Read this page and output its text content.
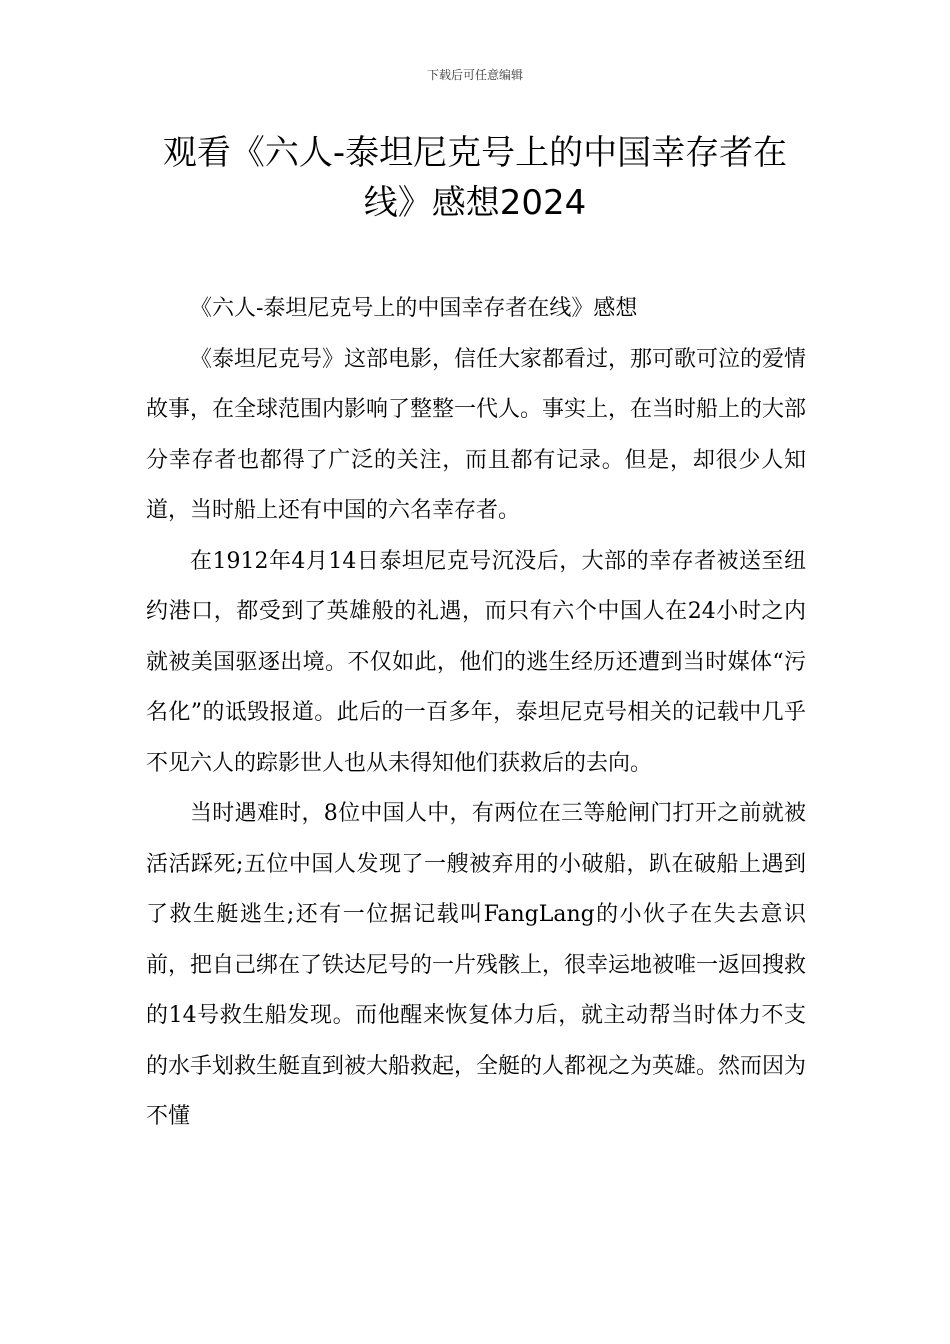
下载后可任意编辑
观看《六人-泰坦尼克号上的中国幸存者在线》感想2024

《六人-泰坦尼克号上的中国幸存者在线》感想

《泰坦尼克号》这部电影，信任大家都看过，那可歌可泣的爱情故事，在全球范围内影响了整整一代人。事实上，在当时船上的大部分幸存者也都得了广泛的关注，而且都有记录。但是，却很少人知道，当时船上还有中国的六名幸存者。

在1912年4月14日泰坦尼克号沉没后，大部的幸存者被送至纽约港口，都受到了英雄般的礼遇，而只有六个中国人在24小时之内就被美国驱逐出境。不仅如此，他们的逃生经历还遭到当时媒体“污名化”的诋毁报道。此后的一百多年，泰坦尼克号相关的记载中几乎不见六人的踪影世人也从未得知他们获救后的去向。

当时遇难时，8位中国人中，有两位在三等舱闸门打开之前就被活活踩死;五位中国人发现了一艘被弃用的小破船，趴在破船上遇到了救生艇逃生;还有一位据记载叫FangLang的小伙子在失去意识前，把自己绑在了铁达尼号的一片残骸上，很幸运地被唯一返回搜救的14号救生船发现。而他醒来恢复体力后，就主动帮当时体力不支的水手划救生艇直到被大船救起，全艇的人都视之为英雄。然而因为不懂
